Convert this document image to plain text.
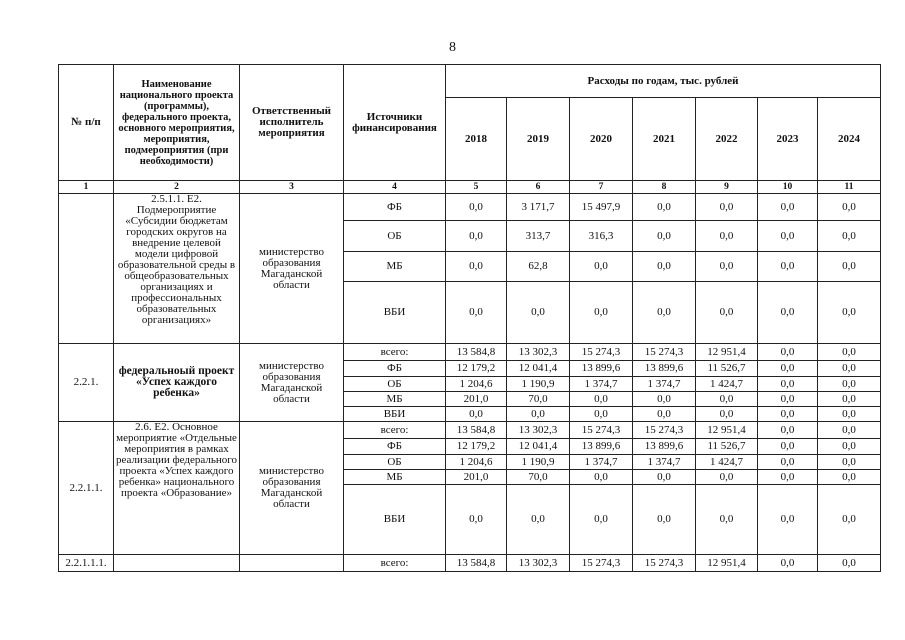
8
№ п/п	Наименование национального проекта (программы), федерального проекта, основного мероприятия, мероприятия, подмероприятия (при необходимости)	Ответственный исполнитель мероприятия	Источники финансирования	Расходы по годам, тыс. рублей						
				2018	2019	2020	2021	2022	2023	2024
1	2	3	4	5	6	7	8	9	10	11
	2.5.1.1. Е2. Подмероприятие «Субсидии бюджетам городских округов на внедрение целевой модели цифровой образовательной среды в общеобразовательных организациях и профессиональных образовательных организациях»	министерство образования Магаданской области	ФБ	0,0	3 171,7	15 497,9	0,0	0,0	0,0	0,0
			ОБ	0,0	313,7	316,3	0,0	0,0	0,0	0,0
			МБ	0,0	62,8	0,0	0,0	0,0	0,0	0,0
			ВБИ	0,0	0,0	0,0	0,0	0,0	0,0	0,0
2.2.1.	федеральноый проект «Успех каждого ребенка»	министерство образования Магаданской области	всего:	13 584,8	13 302,3	15 274,3	15 274,3	12 951,4	0,0	0,0
			ФБ	12 179,2	12 041,4	13 899,6	13 899,6	11 526,7	0,0	0,0
			ОБ	1 204,6	1 190,9	1 374,7	1 374,7	1 424,7	0,0	0,0
			МБ	201,0	70,0	0,0	0,0	0,0	0,0	0,0
			ВБИ	0,0	0,0	0,0	0,0	0,0	0,0	0,0
2.2.1.1.	2.6. Е2. Основное мероприятие «Отдельные мероприятия в рамках реализации федерального проекта «Успех каждого ребенка» национального проекта «Образование»	министерство образования Магаданской области	всего:	13 584,8	13 302,3	15 274,3	15 274,3	12 951,4	0,0	0,0
			ФБ	12 179,2	12 041,4	13 899,6	13 899,6	11 526,7	0,0	0,0
			ОБ	1 204,6	1 190,9	1 374,7	1 374,7	1 424,7	0,0	0,0
			МБ	201,0	70,0	0,0	0,0	0,0	0,0	0,0
			ВБИ	0,0	0,0	0,0	0,0	0,0	0,0	0,0
2.2.1.1.1.			всего:	13 584,8	13 302,3	15 274,3	15 274,3	12 951,4	0,0	0,0
